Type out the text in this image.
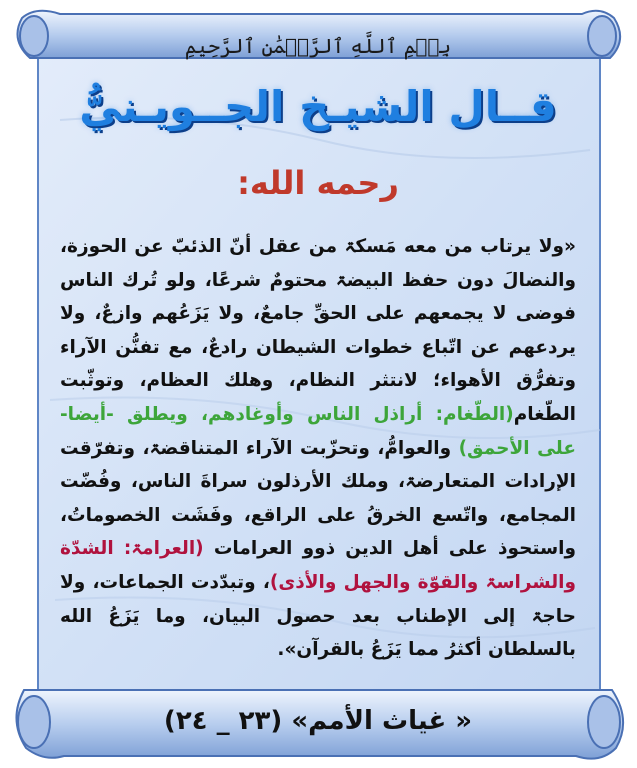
بِسۡمِ ٱللَّهِ ٱلرَّحۡمَٰنِ ٱلرَّحِيمِ
قــال الشيـخ الجــويـنيُّ
رحمه الله:
«ولا يرتاب من معه مَسكۃ من عقل أنّ الذئبّ عن الحوزة، والنضالَ دون حفظ البيضۃ محتومٌ شرعًا، ولو تُرك الناس فوضى لا يجمعهم على الحقِّ جامعٌ، ولا يَزَعُهم وازعٌ، ولا يردعهم عن اتّباع خطوات الشيطان رادعٌ، مع تفنُّن الآراء وتفرُّق الأهواء؛ لانتثر النظام، وهلك العظام، وتوثّبت الطّغام(الطّغام: أراذل الناس وأوغادهم، ويطلق -أيضا- على الأحمق) والعوامُّ، وتحزّبت الآراء المتناقضۃ، وتفرّقت الإرادات المتعارضۃ، وملك الأرذلون سراةَ الناس، وفُضّت المجامع، واتّسع الخرقُ على الراقع، وفَشَت الخصوماتُ، واستحوذ على أهل الدين ذوو العرامات (العرامۃ: الشدّة والشراسۃ والقوّة والجهل والأذى)، وتبدّدت الجماعات، ولا حاجۃ إلى الإطناب بعد حصول البيان، وما يَزَعُ الله بالسلطان أكثرُ مما يَزَعُ بالقرآن».
« غياث الأمم» (٢٣ _ ٢٤)
